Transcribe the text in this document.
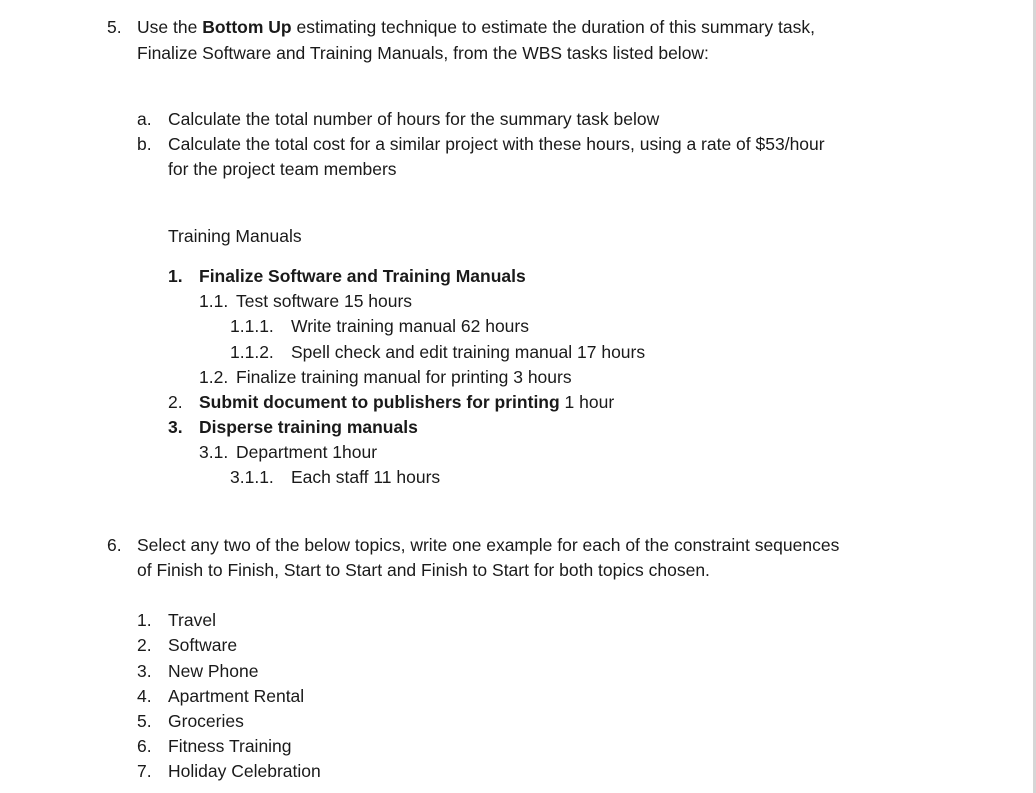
5. Use the Bottom Up estimating technique to estimate the duration of this summary task,
Finalize Software and Training Manuals, from the WBS tasks listed below:
a. Calculate the total number of hours for the summary task below
b. Calculate the total cost for a similar project with these hours, using a rate of $53/hour
for the project team members
Training Manuals
1. Finalize Software and Training Manuals
1.1. Test software 15 hours
1.1.1. Write training manual 62 hours
1.1.2. Spell check and edit training manual 17 hours
1.2. Finalize training manual for printing 3 hours
2. Submit document to publishers for printing 1 hour
3. Disperse training manuals
3.1. Department 1hour
3.1.1. Each staff 11 hours
6. Select any two of the below topics, write one example for each of the constraint sequences
of Finish to Finish, Start to Start and Finish to Start for both topics chosen.
1. Travel
2. Software
3. New Phone
4. Apartment Rental
5. Groceries
6. Fitness Training
7. Holiday Celebration
